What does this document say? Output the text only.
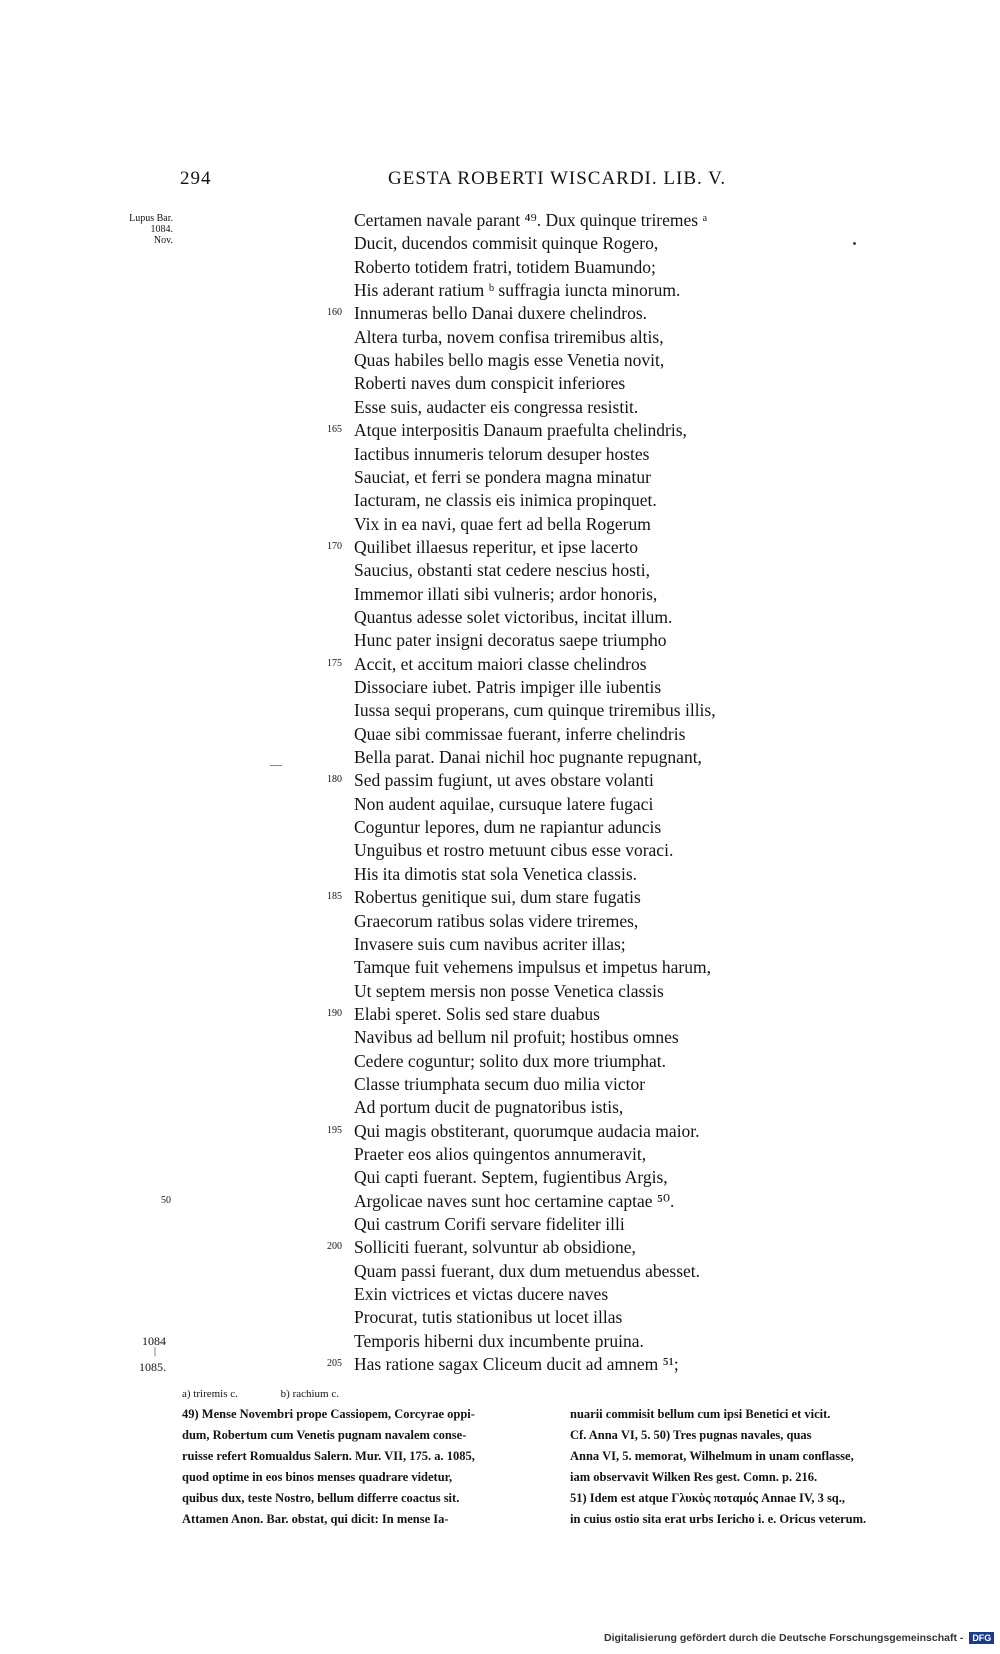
294	GESTA ROBERTI WISCARDI. LIB. V.
Lupus Bar.
1084.
Nov.
Certamen navale parant ⁴⁹. Dux quinque triremes ᵃ
Ducit, ducendos commisit quinque Rogero,
Roberto totidem fratri, totidem Buamundo;
His aderant ratium ᵇ suffragia iuncta minorum.
160 Innumeras bello Danai duxere chelindros.
Altera turba, novem confisa triremibus altis,
Quas habiles bello magis esse Venetia novit,
Roberti naves dum conspicit inferiores
Esse suis, audacter eis congressa resistit.
165 Atque interpositis Danaum praefulta chelindris,
Iactibus innumeris telorum desuper hostes
Sauciat, et ferri se pondera magna minatur
Iacturam, ne classis eis inimica propinquet.
Vix in ea navi, quae fert ad bella Rogerum
170 Quilibet illaesus reperitur, et ipse lacerto
Saucius, obstanti stat cedere nescius hosti,
Immemor illati sibi vulneris; ardor honoris,
Quantus adesse solet victoribus, incitat illum.
Hunc pater insigni decoratus saepe triumpho
175 Accit, et accitum maiori classe chelindros
Dissociare iubet. Patris impiger ille iubentis
Iussa sequi properans, cum quinque triremibus illis,
Quae sibi commissae fuerant, inferre chelindris
Bella parat. Danai nichil hoc pugnante repugnant,
180 Sed passim fugiunt, ut aves obstare volanti
Non audent aquilae, cursuque latere fugaci
Coguntur lepores, dum ne rapiantur aduncis
Unguibus et rostro metuunt cibus esse voraci.
His ita dimotis stat sola Venetica classis.
185 Robertus genitique sui, dum stare fugatis
Graecorum ratibus solas videre triremes,
Invasere suis cum navibus acriter illas;
Tamque fuit vehemens impulsus et impetus harum,
Ut septem mersis non posse Venetica classis
190 Elabi speret. Solis sed stare duabus
Navibus ad bellum nil profuit; hostibus omnes
Cedere coguntur; solito dux more triumphat.
Classe triumphata secum duo milia victor
Ad portum ducit de pugnatoribus istis,
195 Qui magis obstiterant, quorumque audacia maior.
Praeter eos alios quingentos annumeravit,
Qui capti fuerant. Septem, fugientibus Argis,
Argolicae naves sunt hoc certamine captae ⁵⁰.
Qui castrum Corifi servare fideliter illi
200 Solliciti fuerant, solvuntur ab obsidione,
Quam passi fuerant, dux dum metuendus abesset.
Exin victrices et victas ducere naves
Procurat, tutis stationibus ut locet illas
Temporis hiberni dux incumbente pruina.
205 Has ratione sagax Cliceum ducit ad amnem ⁵¹;
50
1084
|
1085.
a) triremis c.	b) rachium c.
49) Mense Novembri prope Cassiopem, Corcyrae oppi-
dum, Robertum cum Venetis pugnam navalem conse-
ruisse refert Romualdus Salern. Mur. VII, 175. a. 1085,
quod optime in eos binos menses quadrare videtur,
quibus dux, teste Nostro, bellum differre coactus sit.
Attamen Anon. Bar. obstat, qui dicit: In mense Ia-
nuarii commisit bellum cum ipsi Benetici et vicit.
Cf. Anna VI, 5. 50) Tres pugnas navales, quas
Anna VI, 5. memorat, Wilhelmum in unam conflasse,
iam observavit Wilken Res gest. Comn. p. 216.
51) Idem est atque Γλυκὺς ποταμός Annae IV, 3 sq.,
in cuius ostio sita erat urbs Iericho i. e. Oricus veterum.
Digitalisierung gefördert durch die Deutsche Forschungsgemeinschaft - DFG
